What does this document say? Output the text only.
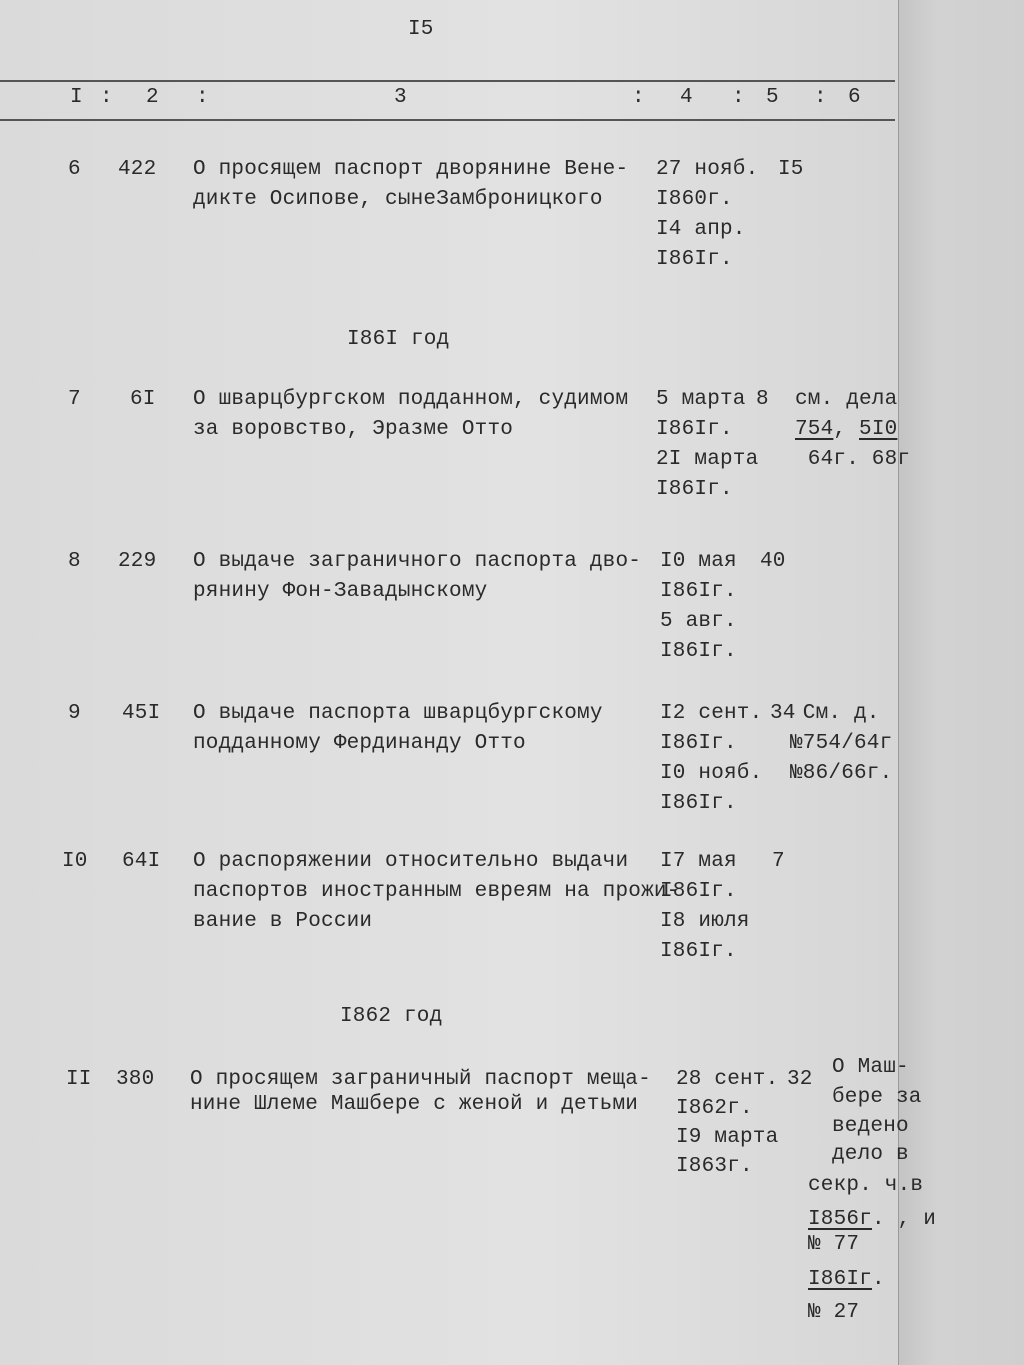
I5
I : 2 :	3	: 4 : 5 : 6
I86I год
I862 год
6 422 О просящем паспорт дворянине Вене-
дикте Осипове, сынеЗамброницкого
27 нояб.
I860г.
I4 апр.
I86Iг.
I5
7 6I О шварцбургском подданном, судимом
за воровство, Эразме Отто
5 марта
I86Iг.
2I марта
I86Iг.
8 см. дела
754, 5I0
64г. 68г
8 229 О выдаче заграничного паспорта дво-
рянину Фон-Завадынскому
I0 мая
I86Iг.
5 авг.
I86Iг.
40
9 45I О выдаче паспорта шварцбургскому
подданному Фердинанду Отто
I2 сент.
I86Iг.
I0 нояб.
I86Iг.
34
См. д.
№754/64г
№86/66г.
I0 64I О распоряжении относительно выдачи
паспортов иностранным евреям на прожи-
вание в России
I7 мая
I86Iг.
I8 июля
I86Iг.
7
II 380 О просящем заграничный паспорт меща-
нине Шлеме Машбере с женой и детьми
28 сент.
I862г.
I9 марта
I863г.
32
О Маш-
бере за
ведено
дело в
секр. ч.в
I856г. , и
№ 77
I86Iг.
№ 27
